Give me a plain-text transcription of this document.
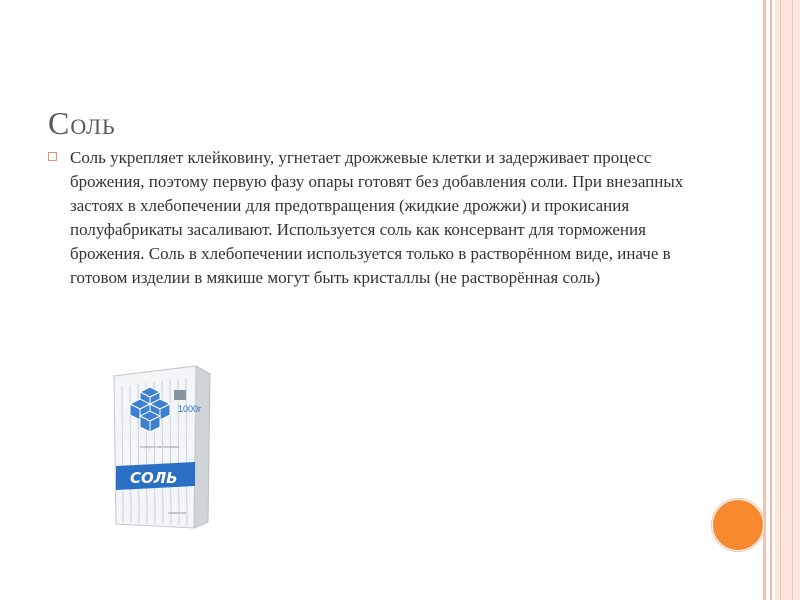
Соль
Соль укрепляет клейковину, угнетает дрожжевые клетки и задерживает процесс брожения, поэтому первую фазу опары готовят без добавления соли. При внезапных застоях в хлебопечении для предотвращения (жидкие дрожжи) и прокисания полуфабрикаты засаливают. Используется соль как консервант для торможения брожения. Соль в хлебопечении используется только в растворённом виде, иначе в готовом изделии в мякише могут быть кристаллы (не растворённая соль)
1000г
поваренная пищевая
СОЛЬ
каменная
